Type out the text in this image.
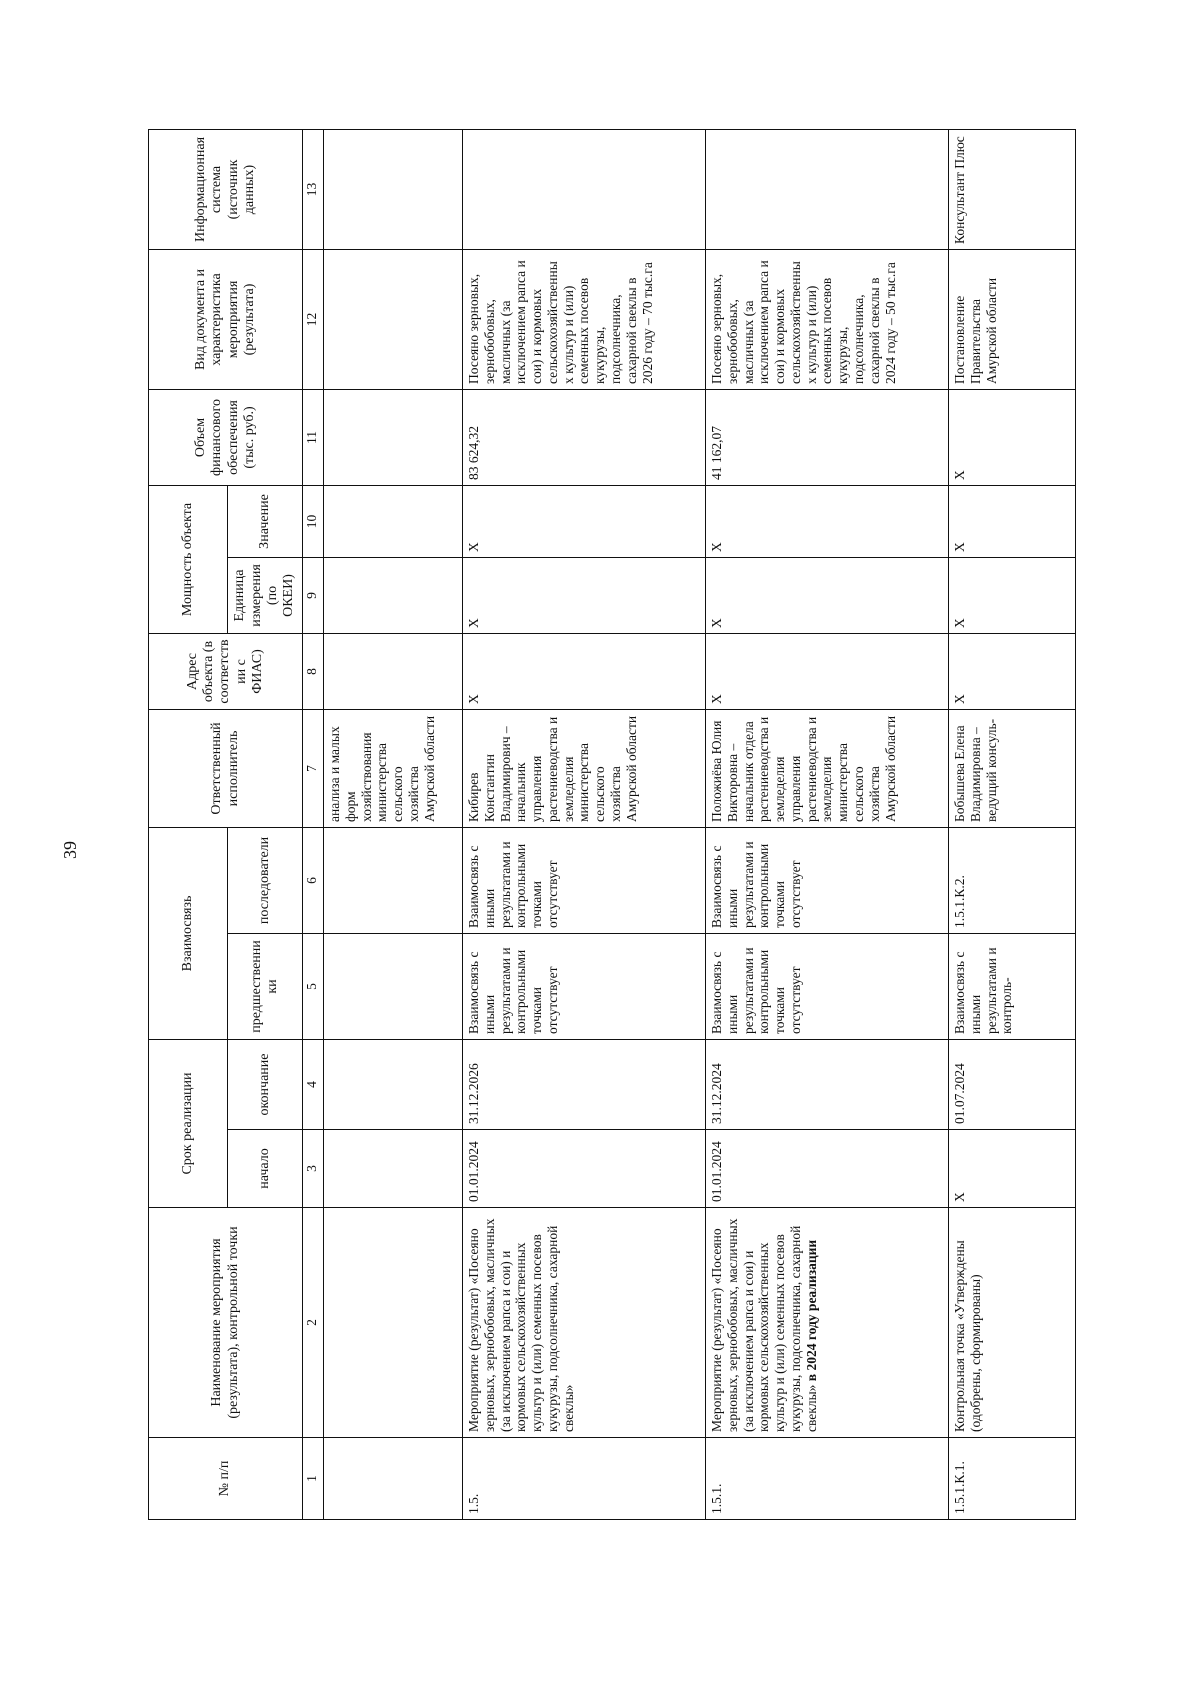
39
№ п/п	Наименование мероприятия (результата), контрольной точки	Срок реализации		Взаимосвязь		Ответственный исполнитель	Адрес объекта (в соответствии с ФИАС)	Мощность объекта		Объем финансового обеспечения (тыс. руб.)	Вид документа и характеристика мероприятия (результата)	Информационная система (источник данных)
		начало	окончание	предшественники	последователи			Единица измерения (по ОКЕИ)	Значение			
1	2	3	4	5	6	7	8	9	10	11	12	13
						анализа и малых форм хозяйствования министерства сельского хозяйства Амурской области						
1.5.	Мероприятие (результат) «Посеяно зерновых, зернобобовых, масличных (за исключением рапса и сои) и кормовых сельскохозяйственных культур и (или) семенных посевов кукурузы, подсолнечника, сахарной свеклы»	01.01.2024	31.12.2026	Взаимосвязь с иными результатами и контрольными точками отсутствует	Взаимосвязь с иными результатами и контрольными точками отсутствует	Кибирев Константин Владимирович – начальник управления растениеводства и земледелия министерства сельского хозяйства Амурской области	X	X	X	83 624,32	Посеяно зерновых, зернобобовых, масличных (за исключением рапса и сои) и кормовых сельскохозяйственных культур и (или) семенных посевов кукурузы, подсолнечника, сахарной свеклы в 2026 году – 70 тыс.га	
1.5.1.	Мероприятие (результат) «Посеяно зерновых, зернобобовых, масличных (за исключением рапса и сои) и кормовых сельскохозяйственных культур и (или) семенных посевов кукурузы, подсолнечника, сахарной свеклы» в 2024 году реализации	01.01.2024	31.12.2024	Взаимосвязь с иными результатами и контрольными точками отсутствует	Взаимосвязь с иными результатами и контрольными точками отсутствует	Положиёва Юлия Викторовна – начальник отдела растениеводства и земледелия управления растениеводства и земледелия министерства сельского хозяйства Амурской области	X	X	X	41 162,07	Посеяно зерновых, зернобобовых, масличных (за исключением рапса и сои) и кормовых сельскохозяйственных культур и (или) семенных посевов кукурузы, подсолнечника, сахарной свеклы в 2024 году – 50 тыс.га	
1.5.1.К.1.	Контрольная точка «Утверждены (одобрены, сформированы)	X	01.07.2024	Взаимосвязь с иными результатами и контроль-	1.5.1.К.2.	Бобышева Елена Владимировна – ведущий консуль-	X	X	X	X	Постановление Правительства Амурской области	Консультант Плюс
